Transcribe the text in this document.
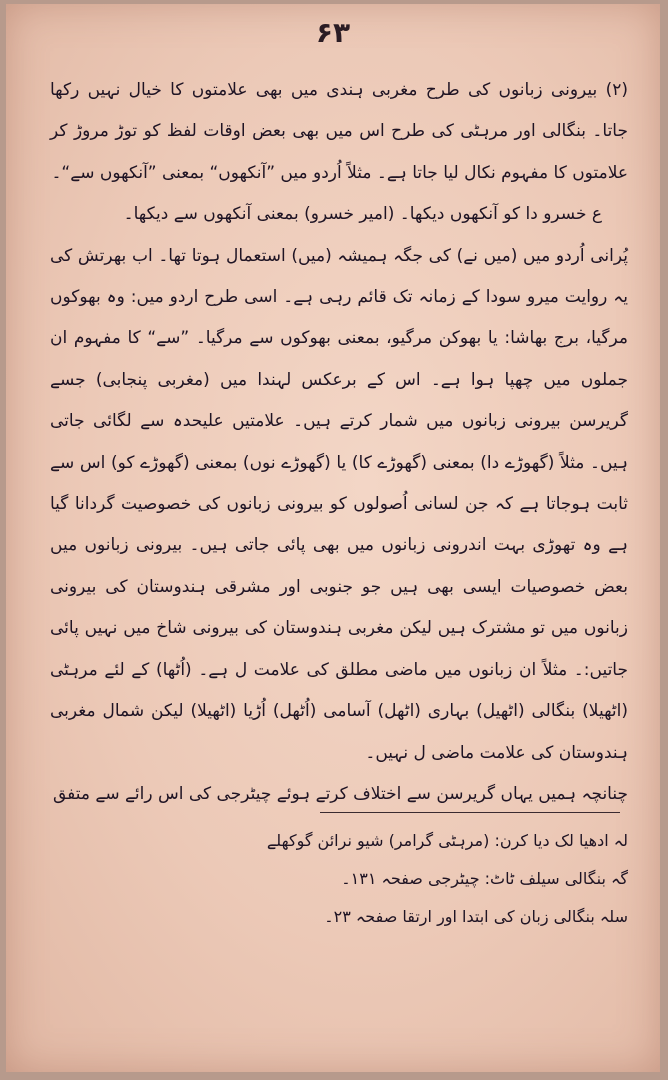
۶۳

(۲) بیرونی زبانوں کی طرح مغربی ہندی میں بھی علامتوں کا خیال نہیں رکھا جاتا۔ بنگالی اور مرہٹی کی طرح اس میں بھی بعض اوقات لفظ کو توڑ مروڑ کر علامتوں کا مفہوم نکال لیا جاتا ہے۔ مثلاً اُردو میں ”آنکھوں“ بمعنی ”آنکھوں سے“۔

ع خسرو دا کو آنکھوں دیکھا۔ (امیر خسرو) بمعنی آنکھوں سے دیکھا۔

پُرانی اُردو میں (میں نے) کی جگہ ہمیشہ (میں) استعمال ہوتا تھا۔ اب بھرتش کی یہ روایت میرو سودا کے زمانہ تک قائم رہی ہے۔ اسی طرح اردو میں: وہ بھوکوں مرگیا، برج بھاشا: یا بھوکن مرگیو، بمعنی بھوکوں سے مرگیا۔ ”سے“ کا مفہوم ان جملوں میں چھپا ہوا ہے۔ اس کے برعکس لہندا میں (مغربی پنجابی) جسے گریرسن بیرونی زبانوں میں شمار کرتے ہیں۔ علامتیں علیحدہ سے لگائی جاتی ہیں۔ مثلاً (گھوڑے دا) بمعنی (گھوڑے کا) یا (گھوڑے نوں) بمعنی (گھوڑے کو) اس سے ثابت ہوجاتا ہے کہ جن لسانی اُصولوں کو بیرونی زبانوں کی خصوصیت گردانا گیا ہے وہ تھوڑی بہت اندرونی زبانوں میں بھی پائی جاتی ہیں۔ بیرونی زبانوں میں بعض خصوصیات ایسی بھی ہیں جو جنوبی اور مشرقی ہندوستان کی بیرونی زبانوں میں تو مشترک ہیں لیکن مغربی ہندوستان کی بیرونی شاخ میں نہیں پائی جاتیں:۔ مثلاً ان زبانوں میں ماضی مطلق کی علامت ل ہے۔ (اُٹھا) کے لئے مرہٹی (اٹھیلا) بنگالی (اٹھیل) بہاری (اٹھل) آسامی (اُٹھل) اُڑیا (اٹھیلا) لیکن شمال مغربی ہندوستان کی علامت ماضی ل نہیں۔

چنانچہ ہمیں یہاں گریرسن سے اختلاف کرتے ہوئے چیٹرجی کی اس رائے سے متفق

لہ ادھیا لک دیا کرن: (مرہٹی گرامر) شیو نرائن گوکھلے
گہ بنگالی سیلف ٹاٹ: چیٹرجی صفحہ ۱۳۱۔
سلہ بنگالی زبان کی ابتدا اور ارتقا صفحہ ۲۳۔
